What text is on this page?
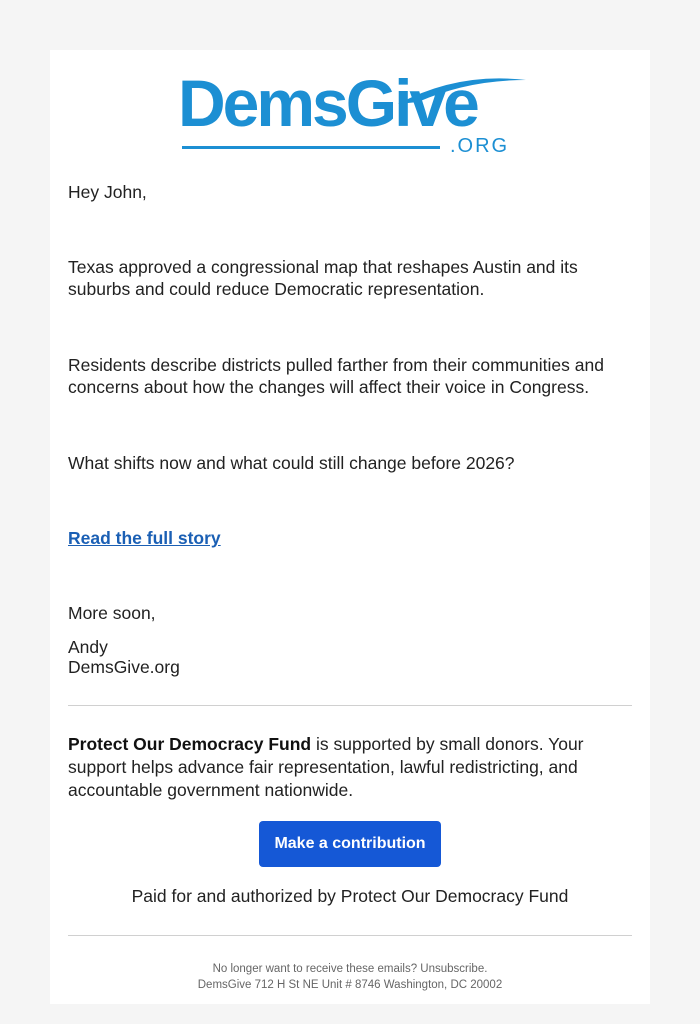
DemsGive
.ORG

Hey John,

Texas approved a congressional map that reshapes Austin and its suburbs and could reduce Democratic representation.

Residents describe districts pulled farther from their communities and concerns about how the changes will affect their voice in Congress.

What shifts now and what could still change before 2026?

Read the full story

More soon,

Andy

DemsGive.org

Protect Our Democracy Fund is supported by small donors. Your support helps advance fair representation, lawful redistricting, and accountable government nationwide.

Make a contribution
Paid for and authorized by Protect Our Democracy Fund
No longer want to receive these emails? Unsubscribe.
DemsGive 712 H St NE Unit # 8746 Washington, DC 20002
